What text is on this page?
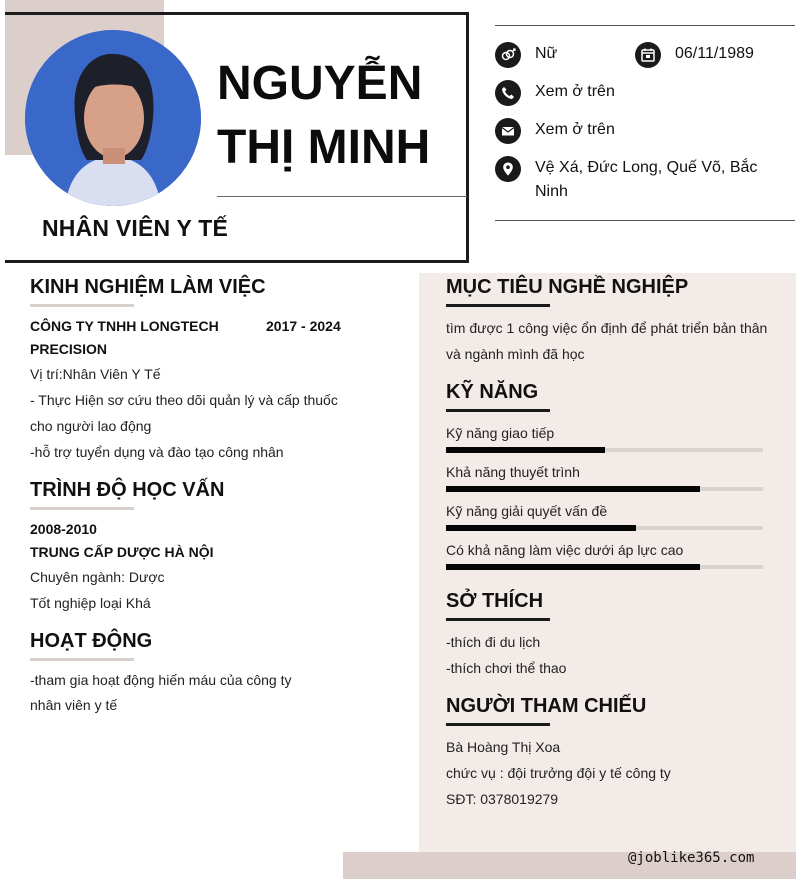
NGUYỄN
THỊ MINH
NHÂN VIÊN Y TẾ
Nữ	06/11/1989
Xem ở trên
Xem ở trên
Vệ Xá, Đức Long, Quế Võ, Bắc
Ninh
@joblike365.com
KINH NGHIỆM LÀM VIỆC
CÔNG TY TNHH LONGTECH	2017 - 2024
PRECISION
Vị trí:Nhân Viên Y Tế
- Thực Hiện sơ cứu theo dõi quản lý và cấp thuốc
cho người lao động
-hỗ trợ tuyển dụng và đào tạo công nhân
TRÌNH ĐỘ HỌC VẤN
2008-2010
TRUNG CẤP DƯỢC HÀ NỘI
Chuyên ngành: Dược
Tốt nghiệp loại Khá
HOẠT ĐỘNG
-tham gia hoạt động hiến máu của công ty
nhân viên y tế
MỤC TIÊU NGHỀ NGHIỆP
tìm được 1 công việc ổn định để phát triển bản thân
và ngành mình đã học
KỸ NĂNG
Kỹ năng giao tiếp
Khả năng thuyết trình
Kỹ năng giải quyết vấn đề
Có khả năng làm việc dưới áp lực cao
SỞ THÍCH
-thích đi du lịch
-thích chơi thể thao
NGƯỜI THAM CHIẾU
Bà Hoàng Thị Xoa
chức vụ : đội trưởng đội y tế công ty
SĐT: 0378019279
